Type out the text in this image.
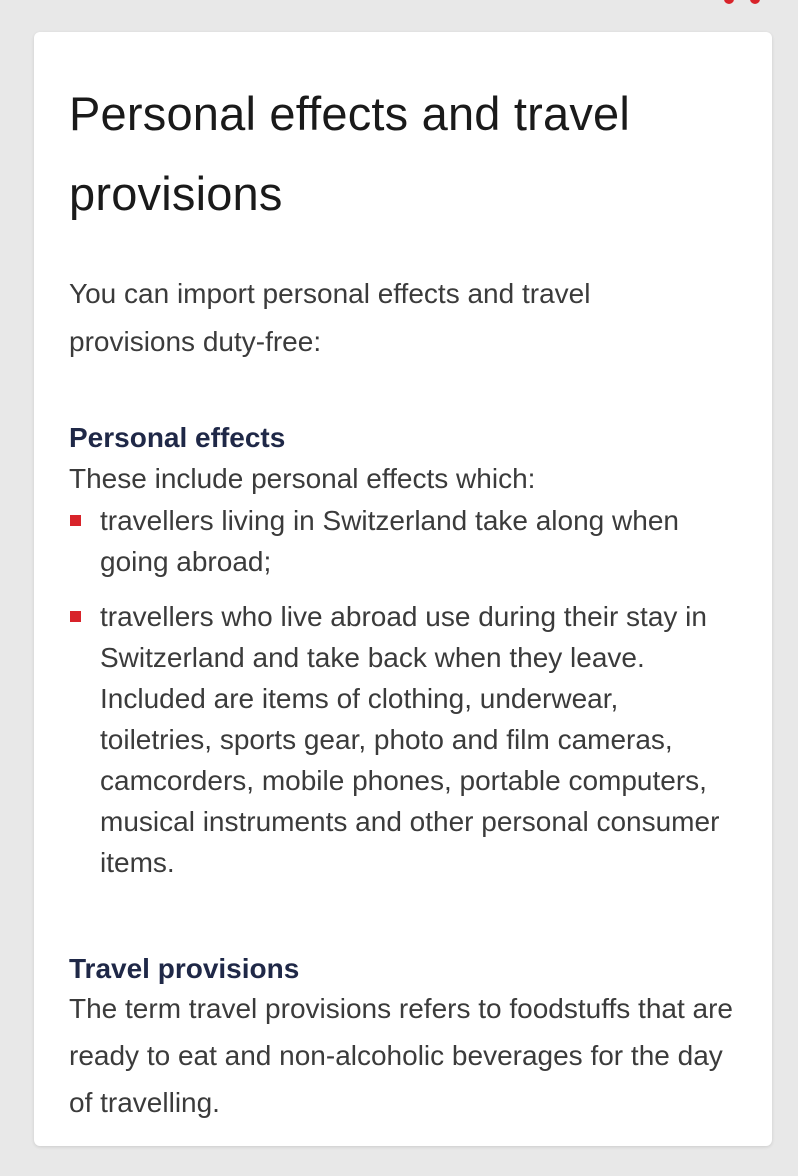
Personal effects and travel provisions

You can import personal effects and travel provisions duty-free:

Personal effects

These include personal effects which:

travellers living in Switzerland take along when going abroad;
travellers who live abroad use during their stay in Switzerland and take back when they leave. Included are items of clothing, underwear, toiletries, sports gear, photo and film cameras, camcorders, mobile phones, portable computers, musical instruments and other personal consumer items.
Travel provisions

The term travel provisions refers to foodstuffs that are ready to eat and non-alcoholic beverages for the day of travelling.
